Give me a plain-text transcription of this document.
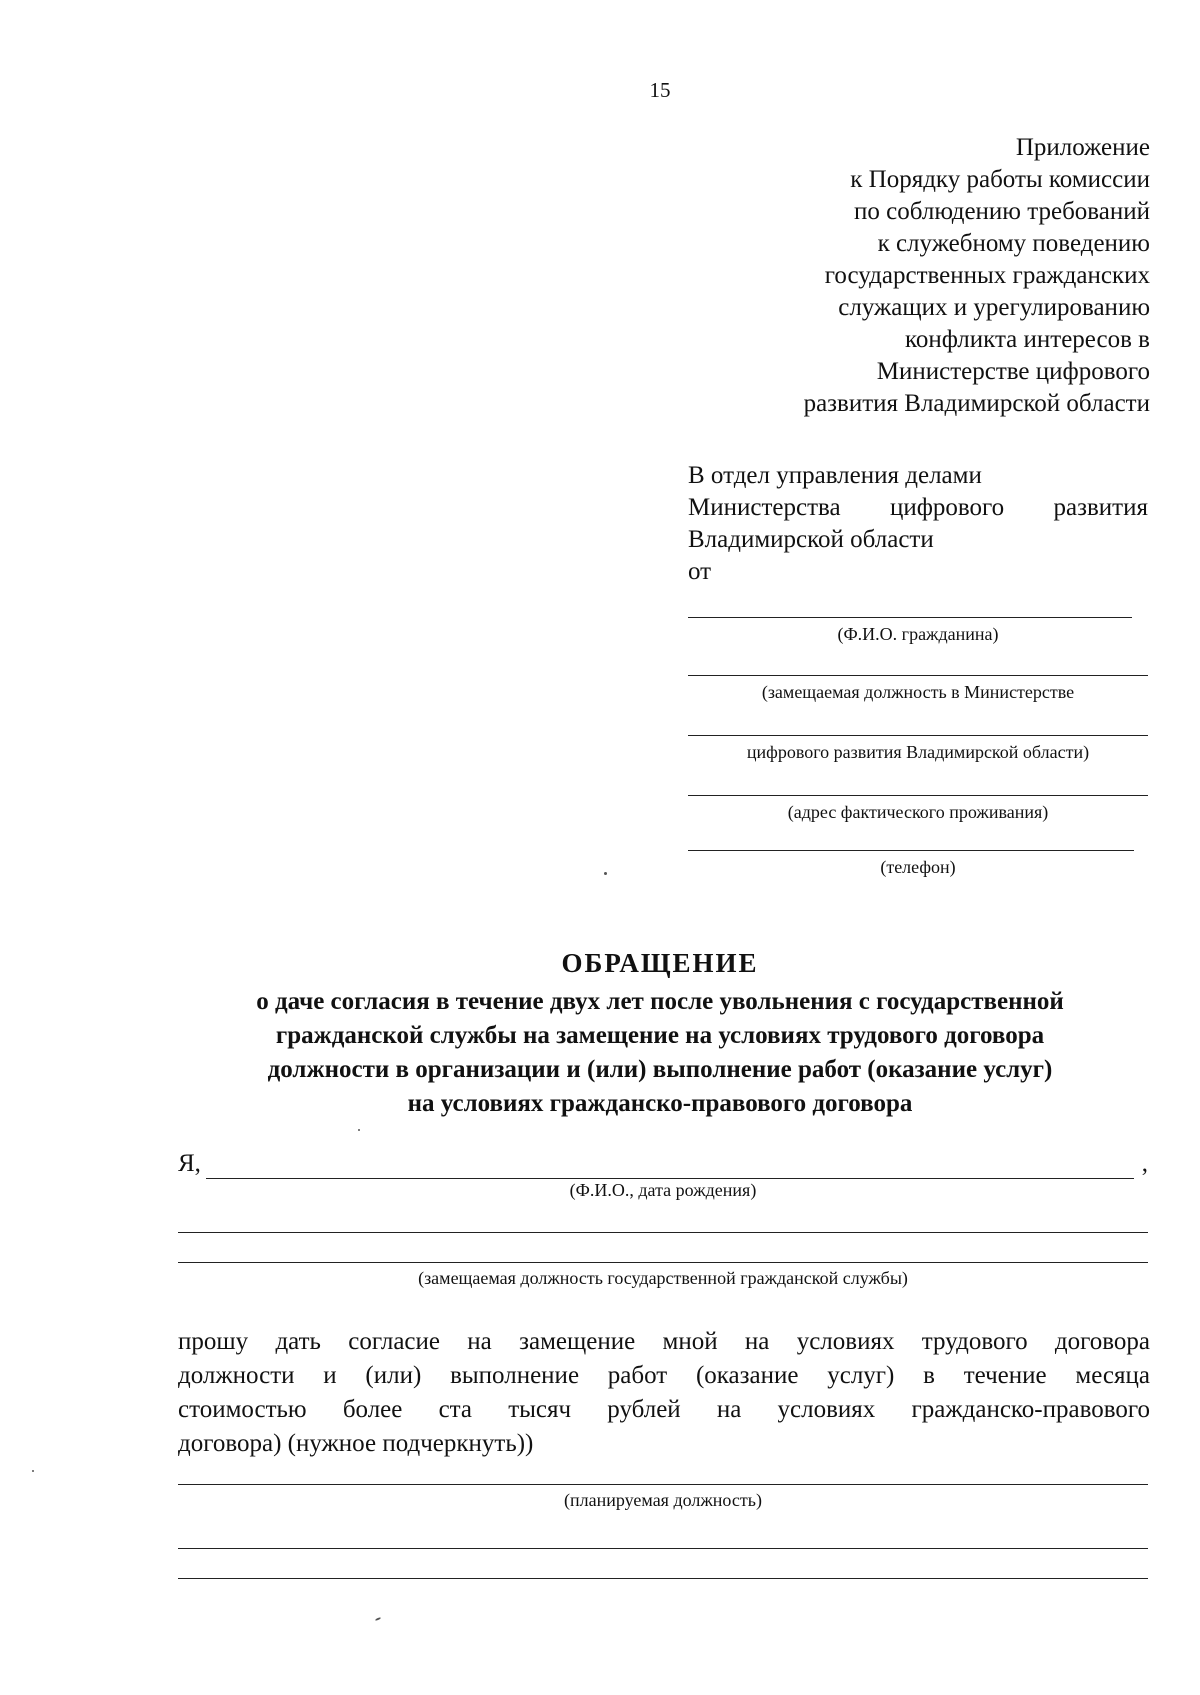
15
Приложение
к Порядку работы комиссии
по соблюдению требований
к служебному поведению
государственных гражданских
служащих и урегулированию
конфликта интересов в
Министерстве цифрового
развития Владимирской области
В отдел управления делами
Министерства цифрового развития
Владимирской области
от
(Ф.И.О. гражданина)
(замещаемая должность в Министерстве
цифрового развития Владимирской области)
(адрес фактического проживания)
(телефон)
ОБРАЩЕНИЕ
о даче согласия в течение двух лет после увольнения с государственной
гражданской службы на замещение на условиях трудового договора
должности в организации и (или) выполнение работ (оказание услуг)
на условиях гражданско-правового договора
Я,	,
(Ф.И.О., дата рождения)
(замещаемая должность государственной гражданской службы)
прошу дать согласие на замещение мной на условиях трудового договора
должности и (или) выполнение работ (оказание услуг) в течение месяца
стоимостью более ста тысяч рублей на условиях гражданско-правового
договора) (нужное подчеркнуть))
(планируемая должность)
